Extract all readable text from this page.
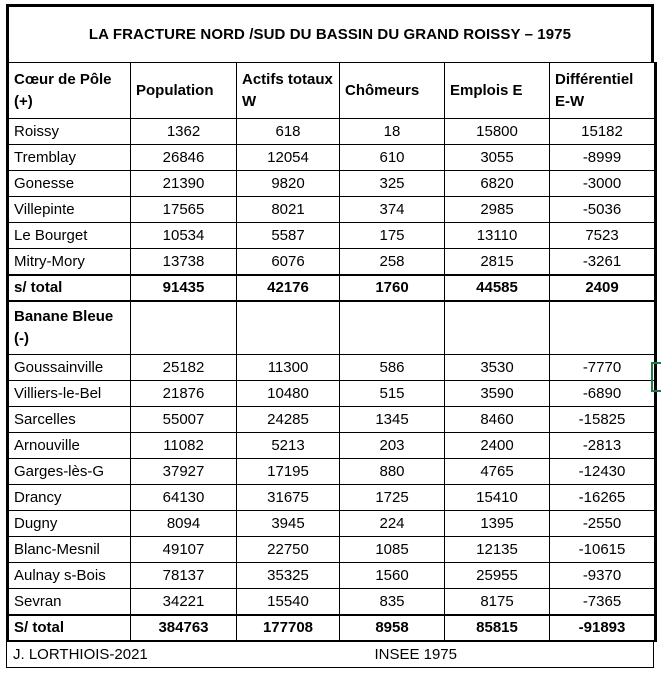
LA FRACTURE NORD /SUD DU BASSIN DU GRAND ROISSY – 1975
Cœur de Pôle (+)	Population	Actifs totaux W	Chômeurs	Emplois E	Différentiel E-W
Roissy	1362	618	18	15800	15182
Tremblay	26846	12054	610	3055	-8999
Gonesse	21390	9820	325	6820	-3000
Villepinte	17565	8021	374	2985	-5036
Le Bourget	10534	5587	175	13110	7523
Mitry-Mory	13738	6076	258	2815	-3261
s/ total	91435	42176	1760	44585	2409
Banane Bleue (-)					
Goussainville	25182	11300	586	3530	-7770
Villiers-le-Bel	21876	10480	515	3590	-6890
Sarcelles	55007	24285	1345	8460	-15825
Arnouville	11082	5213	203	2400	-2813
Garges-lès-G	37927	17195	880	4765	-12430
Drancy	64130	31675	1725	15410	-16265
Dugny	8094	3945	224	1395	-2550
Blanc-Mesnil	49107	22750	1085	12135	-10615
Aulnay s-Bois	78137	35325	1560	25955	-9370
Sevran	34221	15540	835	8175	-7365
S/ total	384763	177708	8958	85815	-91893
J. LORTHIOIS-2021	INSEE 1975
